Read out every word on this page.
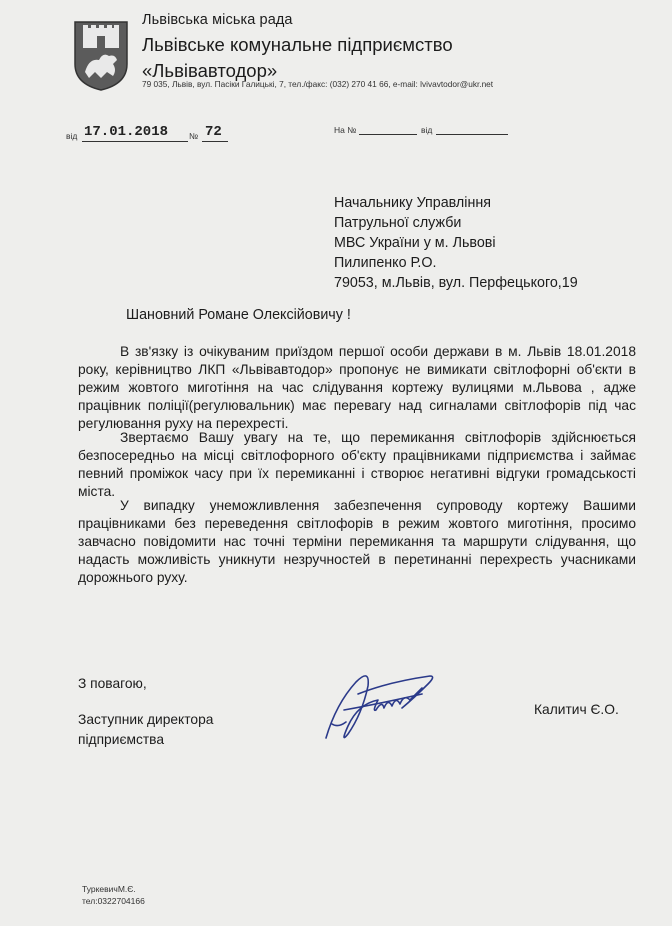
Львівська міська рада
Львівське комунальне підприємство
«Львівавтодор»
79 035, Львів, вул. Пасіки Галицькі, 7, тел./факс: (032) 270 41 66, e-mail: lvivavtodor@ukr.net
від 17.01.2018 № 72	На №	від
Начальнику Управління
Патрульної служби
МВС України у м. Львові
Пилипенко Р.О.
79053, м.Львів, вул. Перфецького,19
Шановний Романе Олексійовичу !

В зв'язку із очікуваним приїздом першої особи держави в м. Львів 18.01.2018 року, керівництво ЛКП «Львівавтодор» пропонує не вимикати світлофорні об'єкти в режим жовтого миготіння на час слідування кортежу вулицями м.Львова , адже працівник поліції(регулювальник) має перевагу над сигналами світлофорів під час регулювання руху на перехресті.

Звертаємо Вашу увагу на те, що перемикання світлофорів здійснюється безпосередньо на місці світлофорного об'єкту працівниками підприємства і займає певний проміжок часу при їх перемиканні і створює негативні відгуки громадськості міста.

У випадку унеможливлення забезпечення супроводу кортежу Вашими працівниками без переведення світлофорів в режим жовтого миготіння, просимо завчасно повідомити нас точні терміни перемикання та маршрути слідування, що надасть можливість уникнути незручностей в перетинанні перехресть учасниками дорожнього руху.

З повагою,
Заступник директора
підприємства
Калитич Є.О.
ТуркевичМ.Є.
тел:0322704166
